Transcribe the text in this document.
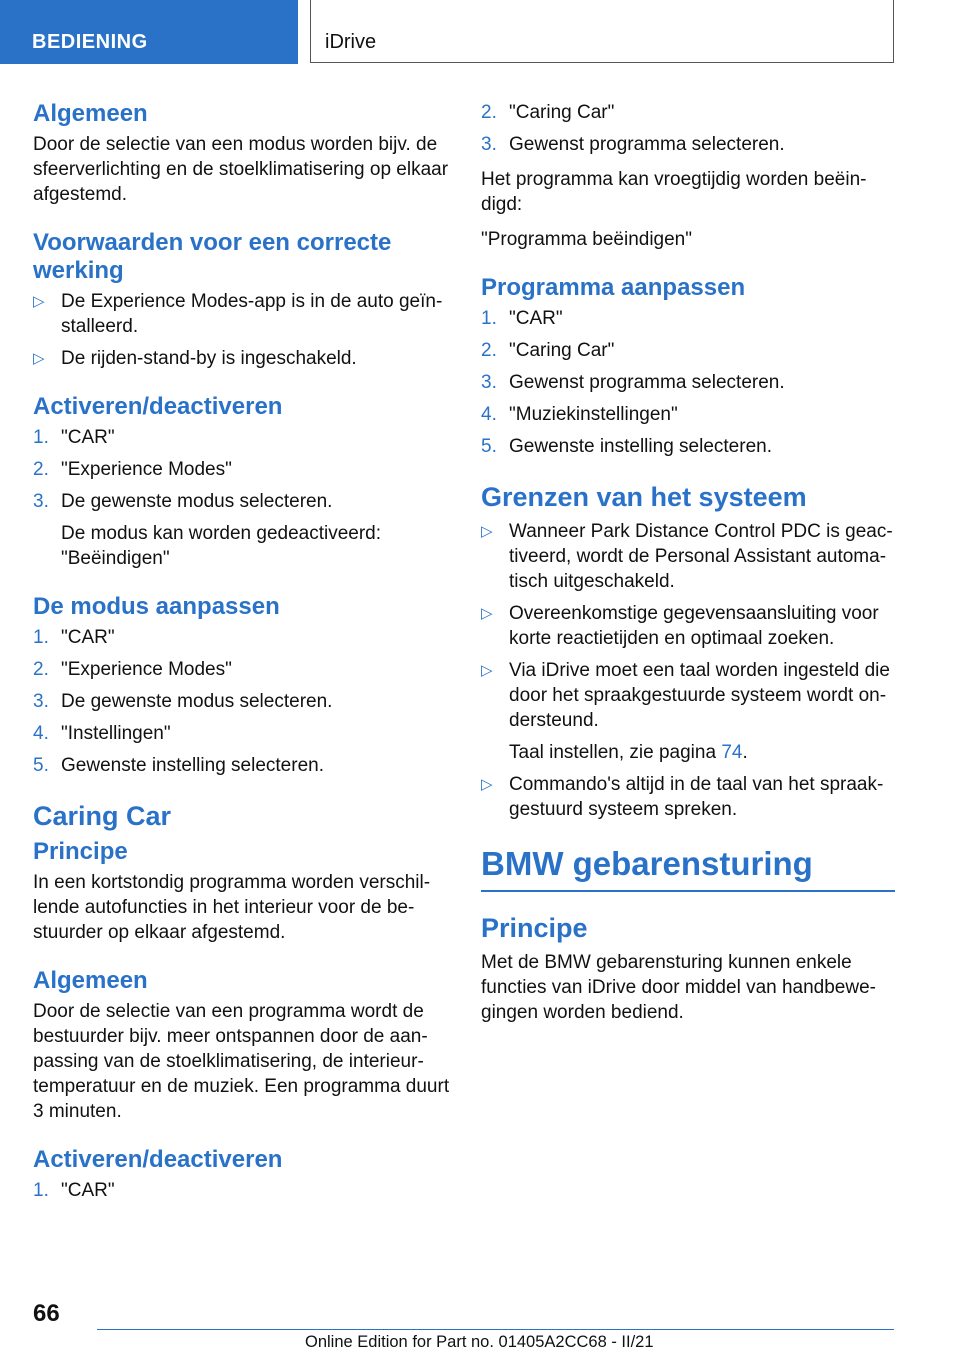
BEDIENING	iDrive
Algemeen

Door de selectie van een modus worden bijv. de sfeerverlichting en de stoelklimatisering op elkaar afgestemd.

Voorwaarden voor een correcte werking
▷ De Experience Modes-app is in de auto geïnstalleerd.
▷ De rijden-stand-by is ingeschakeld.
Activeren/deactiveren
1. "CAR"
2. "Experience Modes"
3. De gewenste modus selecteren.
De modus kan worden gedeactiveerd: "Beëindigen"
De modus aanpassen
1. "CAR"
2. "Experience Modes"
3. De gewenste modus selecteren.
4. "Instellingen"
5. Gewenste instelling selecteren.
Caring Car
Principe

In een kortstondig programma worden verschillende autofuncties in het interieur voor de bestuurder op elkaar afgestemd.

Algemeen

Door de selectie van een programma wordt de bestuurder bijv. meer ontspannen door de aanpassing van de stoelklimatisering, de interieurtemperatuur en de muziek. Een programma duurt 3 minuten.

Activeren/deactiveren
1. "CAR"
2. "Caring Car"
3. Gewenst programma selecteren.

Het programma kan vroegtijdig worden beëindigd:

"Programma beëindigen"

Programma aanpassen
1. "CAR"
2. "Caring Car"
3. Gewenst programma selecteren.
4. "Muziekinstellingen"
5. Gewenste instelling selecteren.
Grenzen van het systeem
▷ Wanneer Park Distance Control PDC is geactiveerd, wordt de Personal Assistant automatisch uitgeschakeld.
▷ Overeenkomstige gegevensaansluiting voor korte reactietijden en optimaal zoeken.
▷ Via iDrive moet een taal worden ingesteld die door het spraakgestuurde systeem wordt ondersteund.
Taal instellen, zie pagina 74.
▷ Commando's altijd in de taal van het spraakgestuurd systeem spreken.
BMW gebarensturing
Principe

Met de BMW gebarensturing kunnen enkele functies van iDrive door middel van handbewegingen worden bediend.

66
Online Edition for Part no. 01405A2CC68 - II/21
